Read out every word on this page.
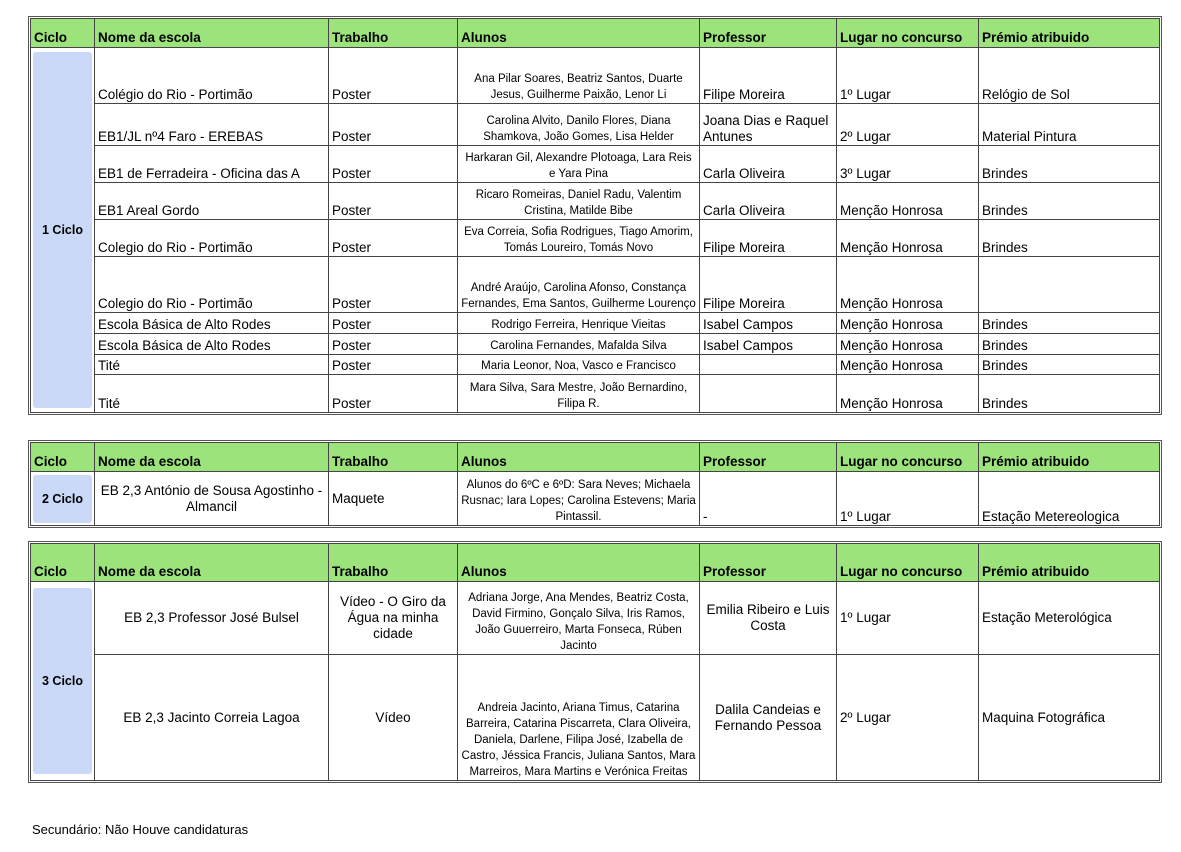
Ciclo	Nome da escola	Trabalho	Alunos	Professor	Lugar no concurso	Prémio atribuido

1 Ciclo	Colégio do Rio - Portimão	Poster	Ana Pilar Soares, Beatriz Santos, Duarte Jesus, Guilherme Paixão, Lenor Li	Filipe Moreira	1º Lugar	Relógio de Sol
	EB1/JL nº4 Faro - EREBAS	Poster	Carolina Alvito, Danilo Flores, Diana Shamkova, João Gomes, Lisa Helder	Joana Dias e Raquel Antunes	2º Lugar	Material Pintura
	EB1 de Ferradeira - Oficina das A	Poster	Harkaran Gil, Alexandre Plotoaga, Lara Reis e Yara Pina	Carla Oliveira	3º Lugar	Brindes
	EB1 Areal Gordo	Poster	Ricaro Romeiras, Daniel Radu, Valentim Cristina, Matilde Bibe	Carla Oliveira	Menção Honrosa	Brindes
	Colegio do Rio - Portimão	Poster	Eva Correia, Sofia Rodrigues, Tiago Amorim, Tomás Loureiro, Tomás Novo	Filipe Moreira	Menção Honrosa	Brindes
	Colegio do Rio - Portimão	Poster	André Araújo, Carolina Afonso, Constança Fernandes, Ema Santos, Guilherme Lourenço	Filipe Moreira	Menção Honrosa	
	Escola Básica de Alto Rodes	Poster	Rodrigo Ferreira, Henrique Vieitas	Isabel Campos	Menção Honrosa	Brindes
	Escola Básica de Alto Rodes	Poster	Carolina Fernandes, Mafalda Silva	Isabel Campos	Menção Honrosa	Brindes
	Tité	Poster	Maria Leonor, Noa, Vasco e Francisco		Menção Honrosa	Brindes
	Tité	Poster	Mara Silva, Sara Mestre, João Bernardino, Filipa R.		Menção Honrosa	Brindes
Ciclo	Nome da escola	Trabalho	Alunos	Professor	Lugar no concurso	Prémio atribuido

2 Ciclo	EB 2,3 António de Sousa Agostinho - Almancil	Maquete	Alunos do 6ºC e 6ºD: Sara Neves; Michaela Rusnac; Iara Lopes; Carolina Estevens; Maria Pintassil.	-	1º Lugar	Estação Metereologica
Ciclo	Nome da escola	Trabalho	Alunos	Professor	Lugar no concurso	Prémio atribuido

3 Ciclo	EB 2,3 Professor José Bulsel	Vídeo - O Giro da Água na minha cidade	Adriana Jorge, Ana Mendes, Beatriz Costa, David Firmino, Gonçalo Silva, Iris Ramos, João Guuerreiro, Marta Fonseca, Rúben Jacinto	Emilia Ribeiro e Luis Costa	1º Lugar	Estação Meterológica
	EB 2,3 Jacinto Correia Lagoa	Vídeo	Andreia Jacinto, Ariana Timus, Catarina Barreira, Catarina Piscarreta, Clara Oliveira, Daniela, Darlene, Filipa José, Izabella de Castro, Jéssica Francis, Juliana Santos, Mara Marreiros, Mara Martins e Verónica Freitas	Dalila Candeias e Fernando Pessoa	2º Lugar	Maquina Fotográfica
Secundário: Não Houve candidaturas
